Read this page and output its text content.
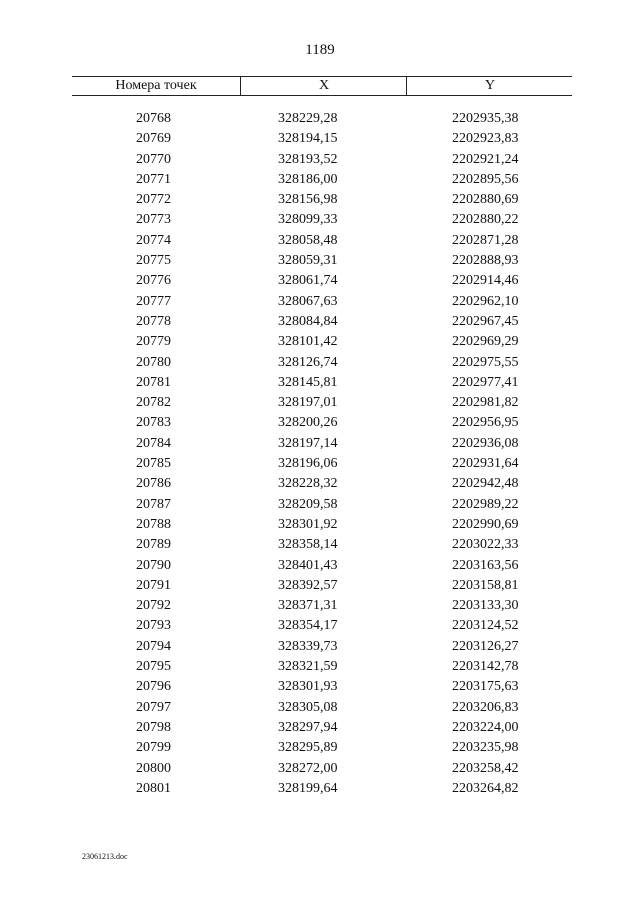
1189
Номера точек	X	Y
20768	328229,28	2202935,38
20769	328194,15	2202923,83
20770	328193,52	2202921,24
20771	328186,00	2202895,56
20772	328156,98	2202880,69
20773	328099,33	2202880,22
20774	328058,48	2202871,28
20775	328059,31	2202888,93
20776	328061,74	2202914,46
20777	328067,63	2202962,10
20778	328084,84	2202967,45
20779	328101,42	2202969,29
20780	328126,74	2202975,55
20781	328145,81	2202977,41
20782	328197,01	2202981,82
20783	328200,26	2202956,95
20784	328197,14	2202936,08
20785	328196,06	2202931,64
20786	328228,32	2202942,48
20787	328209,58	2202989,22
20788	328301,92	2202990,69
20789	328358,14	2203022,33
20790	328401,43	2203163,56
20791	328392,57	2203158,81
20792	328371,31	2203133,30
20793	328354,17	2203124,52
20794	328339,73	2203126,27
20795	328321,59	2203142,78
20796	328301,93	2203175,63
20797	328305,08	2203206,83
20798	328297,94	2203224,00
20799	328295,89	2203235,98
20800	328272,00	2203258,42
20801	328199,64	2203264,82
23061213.doc
